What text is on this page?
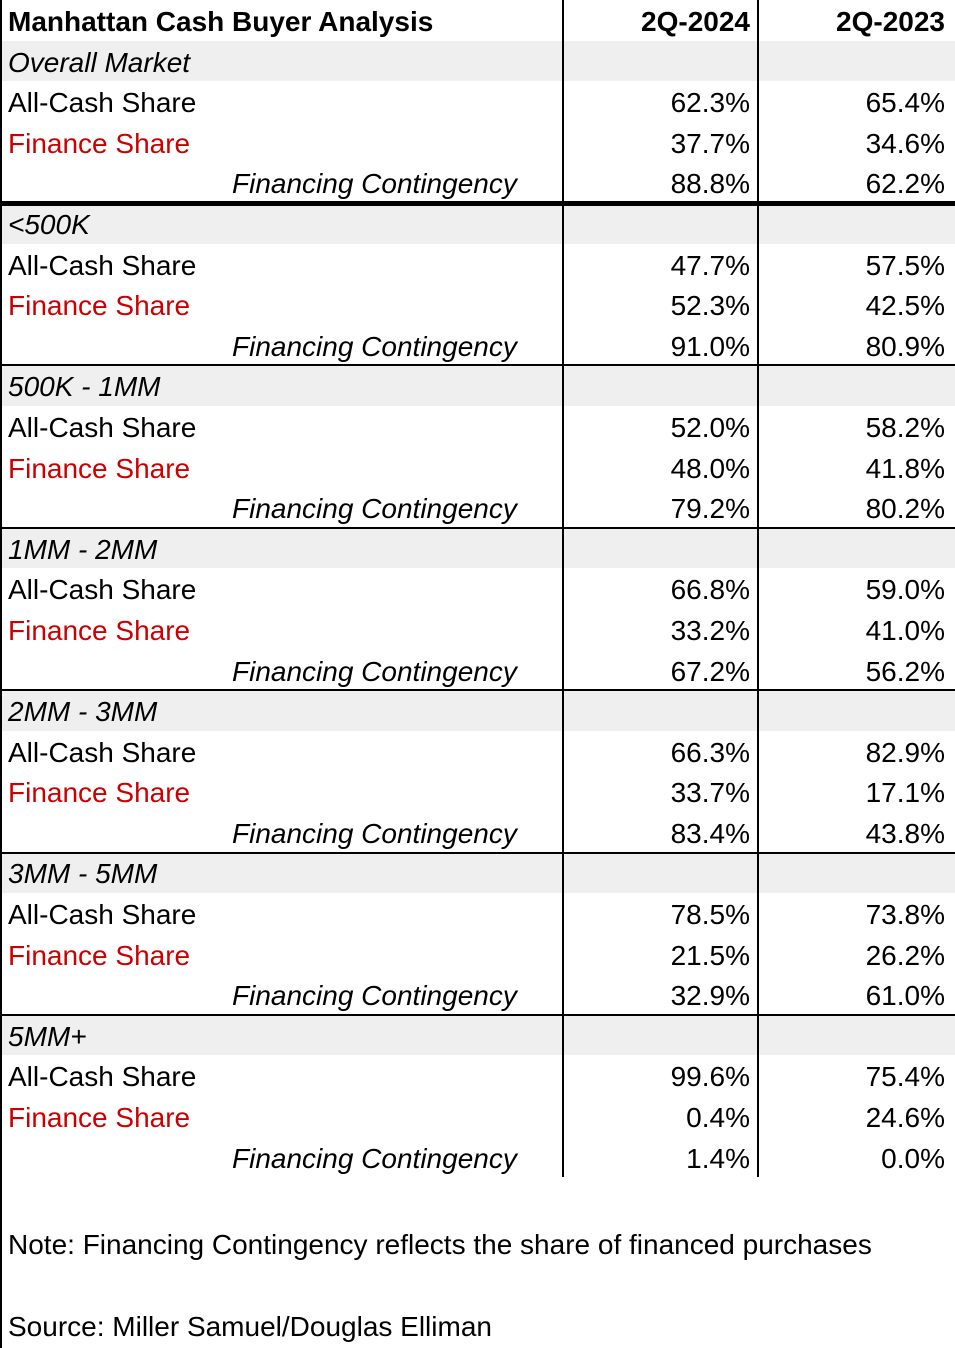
Manhattan Cash Buyer Analysis	2Q-2024	2Q-2023
Overall Market
All-Cash Share	62.3%	65.4%
Finance Share	37.7%	34.6%
Financing Contingency	88.8%	62.2%
<500K
All-Cash Share	47.7%	57.5%
Finance Share	52.3%	42.5%
Financing Contingency	91.0%	80.9%
500K - 1MM
All-Cash Share	52.0%	58.2%
Finance Share	48.0%	41.8%
Financing Contingency	79.2%	80.2%
1MM - 2MM
All-Cash Share	66.8%	59.0%
Finance Share	33.2%	41.0%
Financing Contingency	67.2%	56.2%
2MM - 3MM
All-Cash Share	66.3%	82.9%
Finance Share	33.7%	17.1%
Financing Contingency	83.4%	43.8%
3MM - 5MM
All-Cash Share	78.5%	73.8%
Finance Share	21.5%	26.2%
Financing Contingency	32.9%	61.0%
5MM+
All-Cash Share	99.6%	75.4%
Finance Share	0.4%	24.6%
Financing Contingency	1.4%	0.0%
Note: Financing Contingency reflects the share of financed purchases
Source: Miller Samuel/Douglas Elliman
